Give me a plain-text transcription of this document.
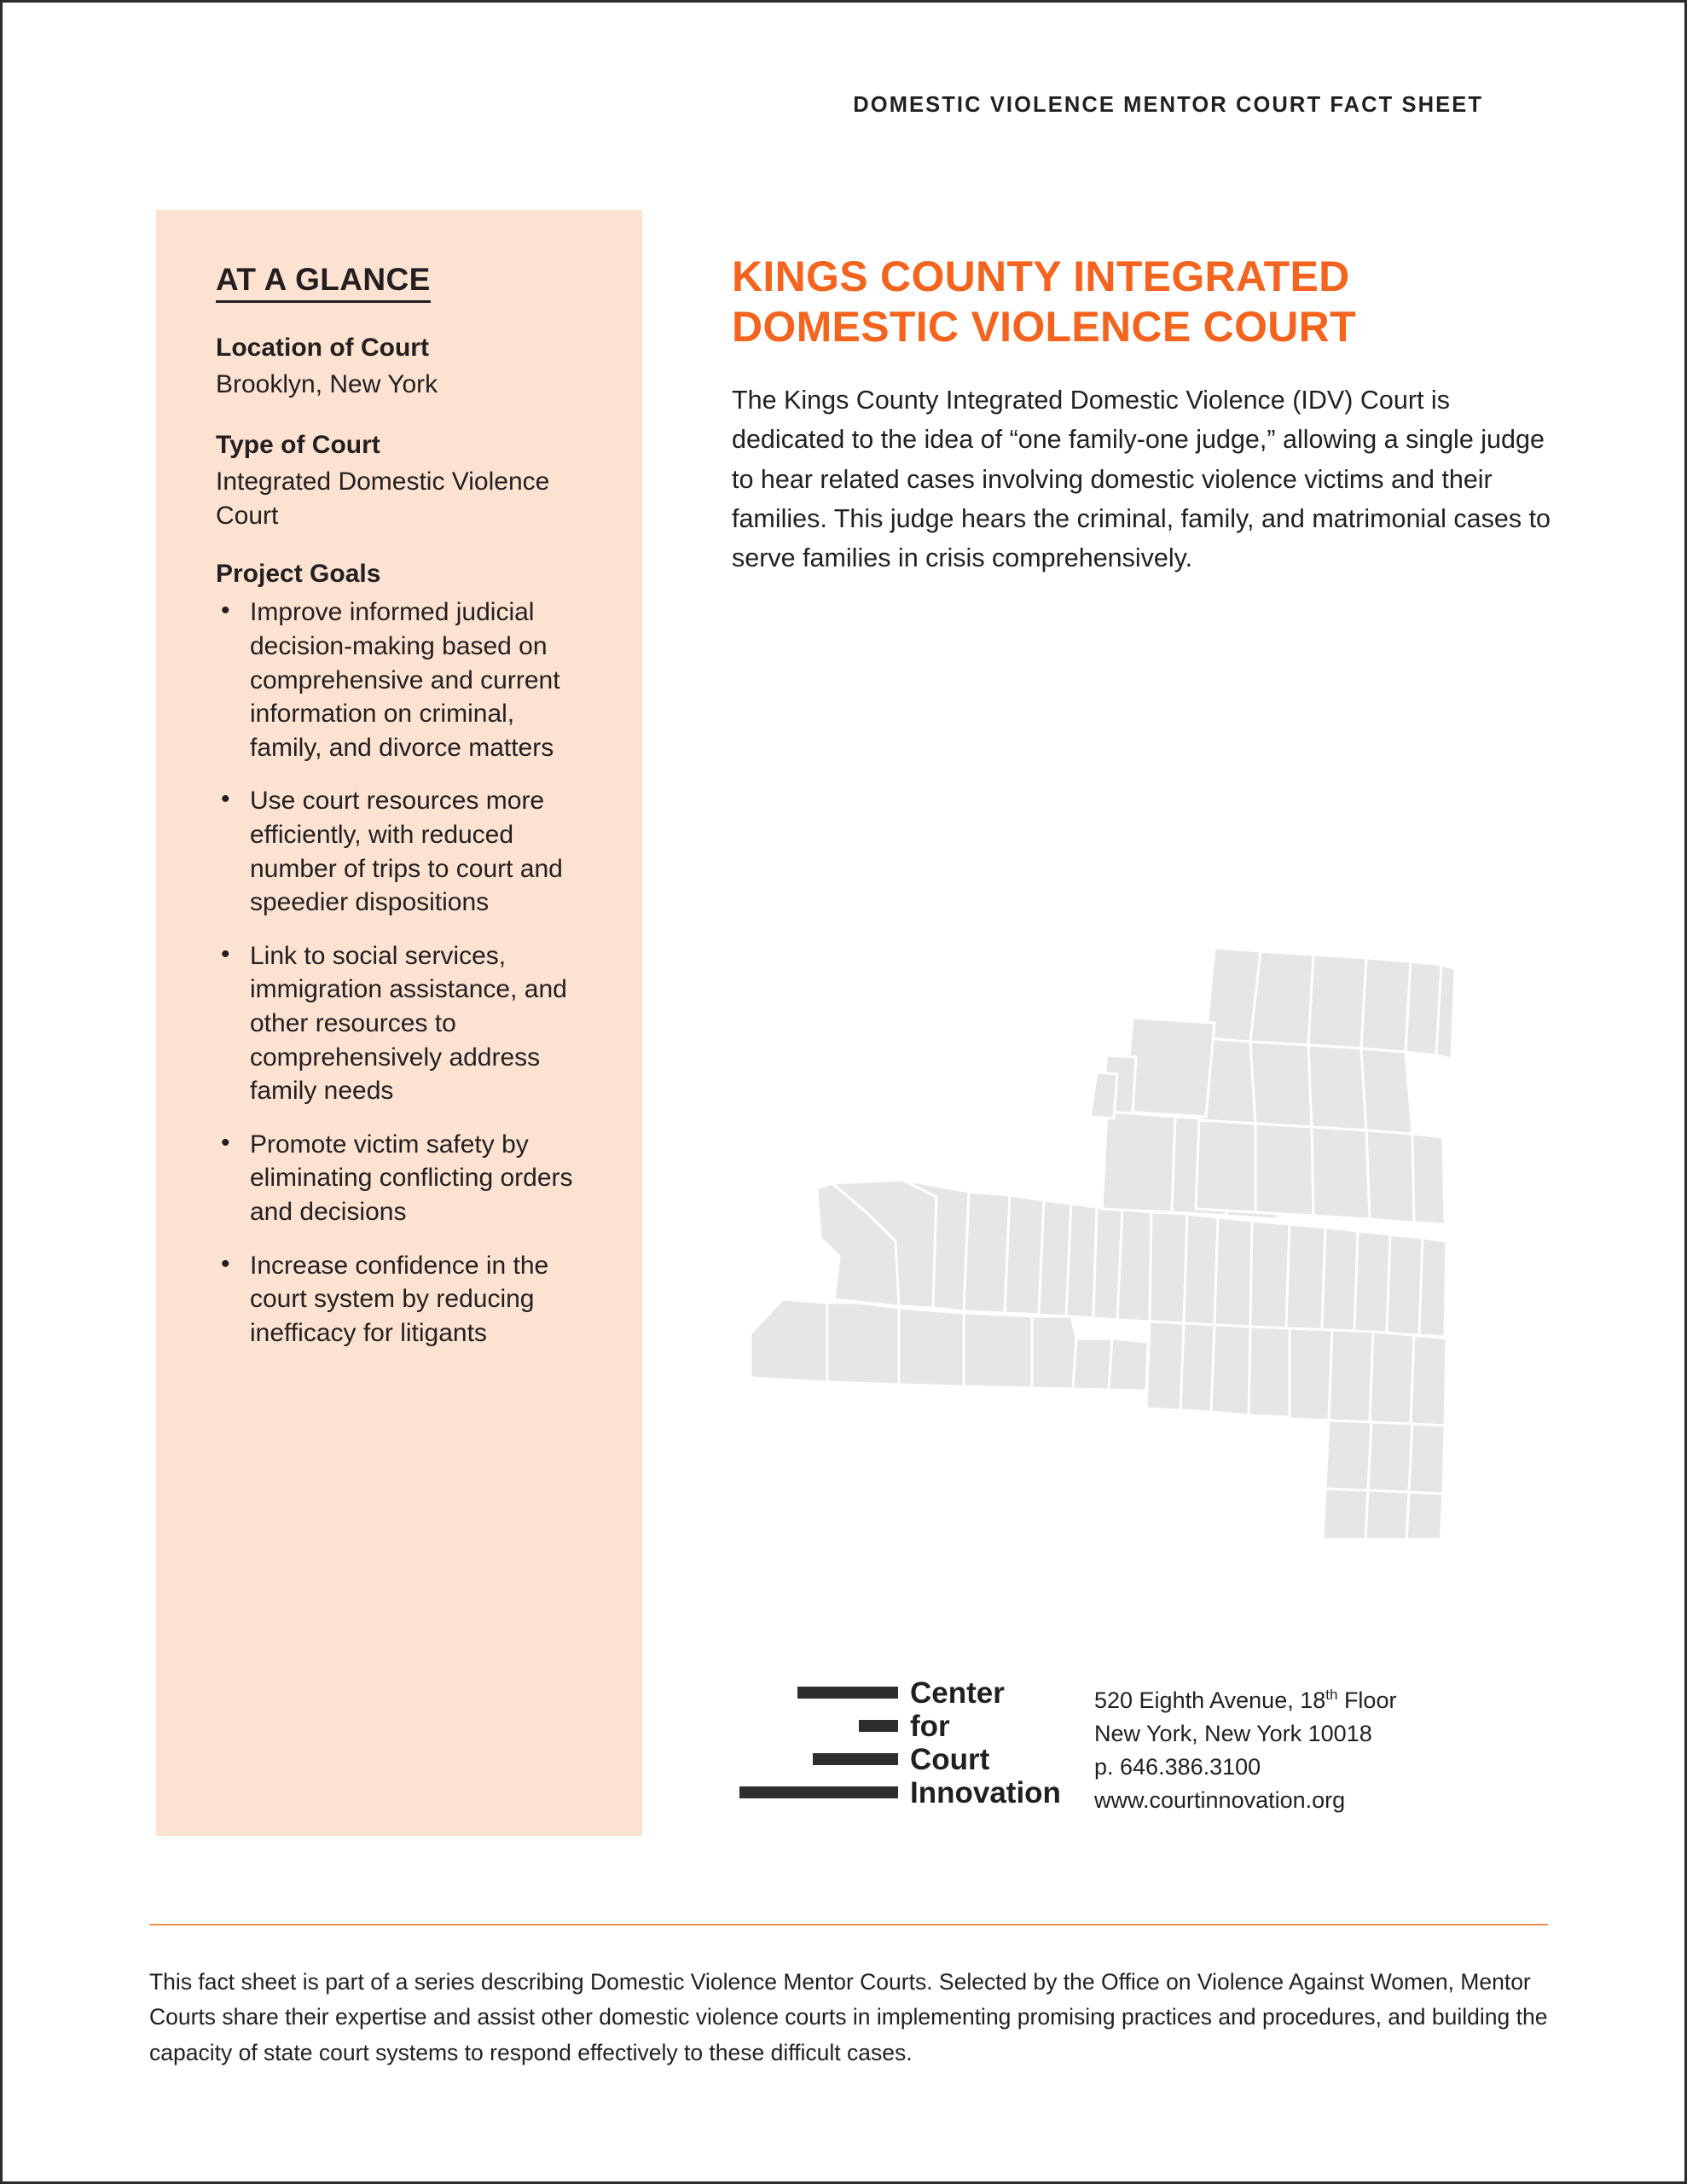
DOMESTIC VIOLENCE MENTOR COURT FACT SHEET
AT A GLANCE

Location of Court

Brooklyn, New York

Type of Court

Integrated Domestic Violence Court

Project Goals

• Improve informed judicial decision-making based on comprehensive and current information on criminal, family, and divorce matters
• Use court resources more efficiently, with reduced number of trips to court and speedier dispositions
• Link to social services, immigration assistance, and other resources to comprehensively address family needs
• Promote victim safety by eliminating conflicting orders and decisions
• Increase confidence in the court system by reducing inefficacy for litigants
KINGS COUNTY INTEGRATED DOMESTIC VIOLENCE COURT

The Kings County Integrated Domestic Violence (IDV) Court is dedicated to the idea of “one family-one judge,” allowing a single judge to hear related cases involving domestic violence victims and their families. This judge hears the criminal, family, and matrimonial cases to serve families in crisis comprehensively.

Center
for
Court
Innovation
520 Eighth Avenue, 18th Floor
New York, New York 10018
p. 646.386.3100
www.courtinnovation.org

This fact sheet is part of a series describing Domestic Violence Mentor Courts. Selected by the Office on Violence Against Women, Mentor Courts share their expertise and assist other domestic violence courts in implementing promising practices and procedures, and building the capacity of state court systems to respond effectively to these difficult cases.
